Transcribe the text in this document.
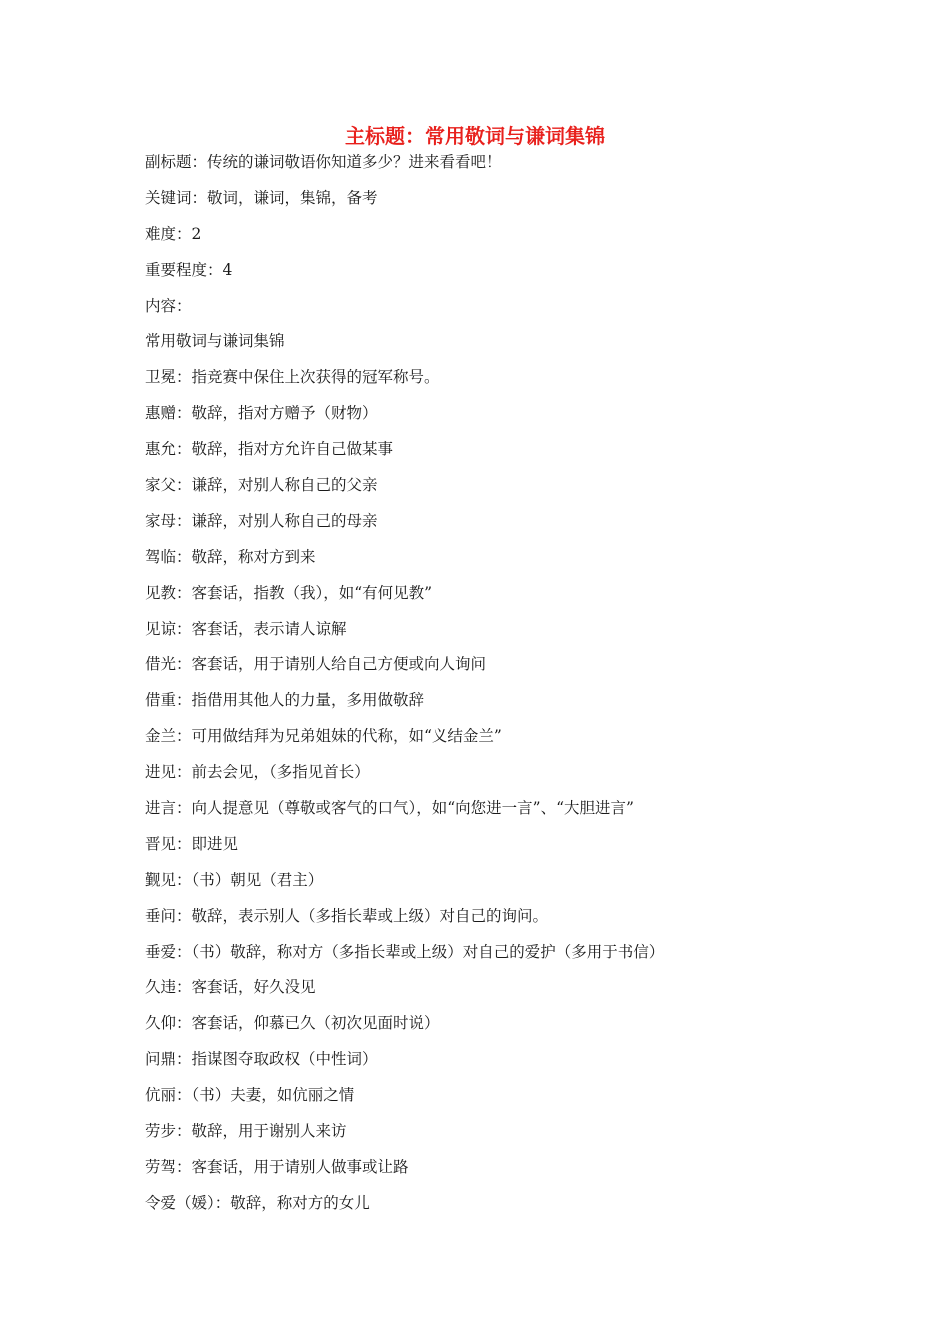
主标题：常用敬词与谦词集锦
副标题：传统的谦词敬语你知道多少？进来看看吧！
关键词：敬词，谦词，集锦，备考
难度：2
重要程度：4
内容：
常用敬词与谦词集锦
卫冕：指竞赛中保住上次获得的冠军称号。
惠赠：敬辞，指对方赠予（财物）
惠允：敬辞，指对方允许自己做某事
家父：谦辞，对别人称自己的父亲
家母：谦辞，对别人称自己的母亲
驾临：敬辞，称对方到来
见教：客套话，指教（我），如“有何见教”
见谅：客套话，表示请人谅解
借光：客套话，用于请别人给自己方便或向人询问
借重：指借用其他人的力量，多用做敬辞
金兰：可用做结拜为兄弟姐妹的代称，如“义结金兰”
进见：前去会见，（多指见首长）
进言：向人提意见（尊敬或客气的口气），如“向您进一言”、“大胆进言”
晋见：即进见
觐见：（书）朝见（君主）
垂问：敬辞，表示别人（多指长辈或上级）对自己的询问。
垂爱：（书）敬辞，称对方（多指长辈或上级）对自己的爱护（多用于书信）
久违：客套话，好久没见
久仰：客套话，仰慕已久（初次见面时说）
问鼎：指谋图夺取政权（中性词）
伉丽：（书）夫妻，如伉丽之情
劳步：敬辞，用于谢别人来访
劳驾：客套话，用于请别人做事或让路
令爱（媛）：敬辞，称对方的女儿
